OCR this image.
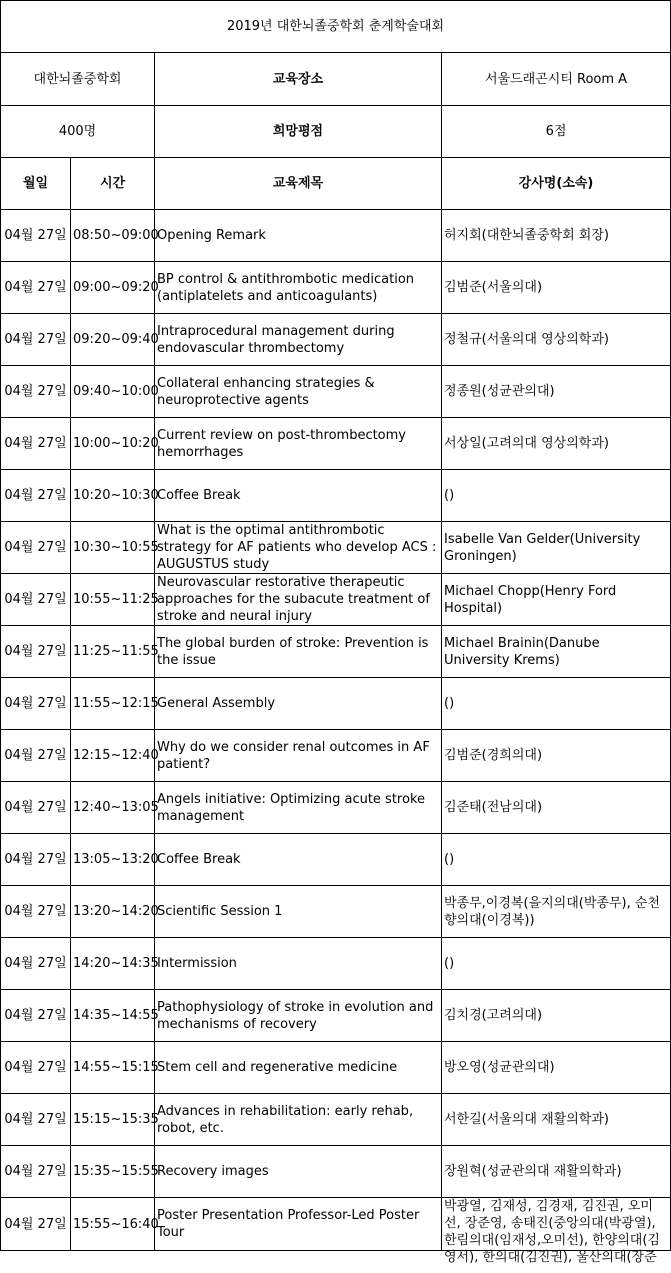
2019년 대한뇌졸중학회 춘계학술대회			
대한뇌졸중학회		교육장소	서울드래곤시티 Room A
400명		희망평점	6점
월일	시간	교육제목	강사명(소속)

04월 27일	08:50~09:00	Opening Remark	허지회(대한뇌졸중학회 회장)

04월 27일	09:00~09:20	BP control & antithrombotic medication (antiplatelets and anticoagulants)	김범준(서울의대)

04월 27일	09:20~09:40	Intraprocedural management during endovascular thrombectomy	정철규(서울의대 영상의학과)

04월 27일	09:40~10:00	Collateral enhancing strategies & neuroprotective agents	정종원(성균관의대)

04월 27일	10:00~10:20	Current review on post-thrombectomy hemorrhages	서상일(고려의대 영상의학과)

04월 27일	10:20~10:30	Coffee Break	()

04월 27일	10:30~10:55	What is the optimal antithrombotic strategy for AF patients who develop ACS : AUGUSTUS study	Isabelle Van Gelder(University Groningen)

04월 27일	10:55~11:25	Neurovascular restorative therapeutic approaches for the subacute treatment of stroke and neural injury	Michael Chopp(Henry Ford Hospital)

04월 27일	11:25~11:55	The global burden of stroke: Prevention is the issue	Michael Brainin(Danube University Krems)

04월 27일	11:55~12:15	General Assembly	()

04월 27일	12:15~12:40	Why do we consider renal outcomes in AF patient?	김범준(경희의대)

04월 27일	12:40~13:05	Angels initiative: Optimizing acute stroke management	김준태(전남의대)

04월 27일	13:05~13:20	Coffee Break	()

04월 27일	13:20~14:20	Scientific Session 1	박종무,이경복(을지의대(박종무), 순천향의대(이경복))

04월 27일	14:20~14:35	Intermission	()

04월 27일	14:35~14:55	Pathophysiology of stroke in evolution and mechanisms of recovery	김치경(고려의대)

04월 27일	14:55~15:15	Stem cell and regenerative medicine	방오영(성균관의대)

04월 27일	15:15~15:35	Advances in rehabilitation: early rehab, robot, etc.	서한길(서울의대 재활의학과)

04월 27일	15:35~15:55	Recovery images	장원혁(성균관의대 재활의학과)

04월 27일	15:55~16:40	Poster Presentation Professor-Led Poster Tour	박광열, 김재성, 김경재, 김진권, 오미선, 장준영, 송태진(중앙의대(박광열), 한림의대(임재성,오미선), 한양의대(김영서), 한의대(김진권), 울산의대(장준
